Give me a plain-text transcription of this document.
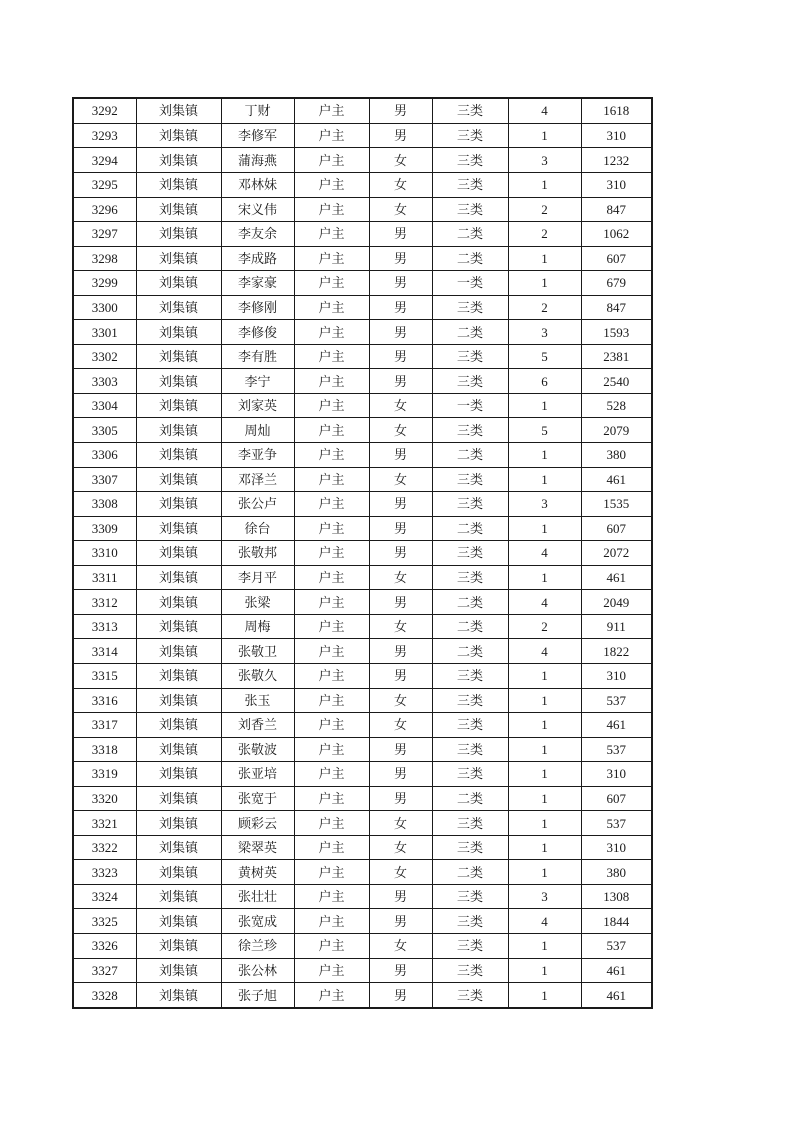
3292	刘集镇	丁财	户主	男	三类	4	1618
3293	刘集镇	李修军	户主	男	三类	1	310
3294	刘集镇	蒲海燕	户主	女	三类	3	1232
3295	刘集镇	邓林妹	户主	女	三类	1	310
3296	刘集镇	宋义伟	户主	女	三类	2	847
3297	刘集镇	李友余	户主	男	二类	2	1062
3298	刘集镇	李成路	户主	男	二类	1	607
3299	刘集镇	李家豪	户主	男	一类	1	679
3300	刘集镇	李修刚	户主	男	三类	2	847
3301	刘集镇	李修俊	户主	男	二类	3	1593
3302	刘集镇	李有胜	户主	男	三类	5	2381
3303	刘集镇	李宁	户主	男	三类	6	2540
3304	刘集镇	刘家英	户主	女	一类	1	528
3305	刘集镇	周灿	户主	女	三类	5	2079
3306	刘集镇	李亚争	户主	男	二类	1	380
3307	刘集镇	邓泽兰	户主	女	三类	1	461
3308	刘集镇	张公卢	户主	男	三类	3	1535
3309	刘集镇	徐台	户主	男	二类	1	607
3310	刘集镇	张敬邦	户主	男	三类	4	2072
3311	刘集镇	李月平	户主	女	三类	1	461
3312	刘集镇	张梁	户主	男	二类	4	2049
3313	刘集镇	周梅	户主	女	二类	2	911
3314	刘集镇	张敬卫	户主	男	二类	4	1822
3315	刘集镇	张敬久	户主	男	三类	1	310
3316	刘集镇	张玉	户主	女	三类	1	537
3317	刘集镇	刘香兰	户主	女	三类	1	461
3318	刘集镇	张敬波	户主	男	三类	1	537
3319	刘集镇	张亚培	户主	男	三类	1	310
3320	刘集镇	张宽于	户主	男	二类	1	607
3321	刘集镇	顾彩云	户主	女	三类	1	537
3322	刘集镇	梁翠英	户主	女	三类	1	310
3323	刘集镇	黄树英	户主	女	二类	1	380
3324	刘集镇	张壮壮	户主	男	三类	3	1308
3325	刘集镇	张宽成	户主	男	三类	4	1844
3326	刘集镇	徐兰珍	户主	女	三类	1	537
3327	刘集镇	张公林	户主	男	三类	1	461
3328	刘集镇	张子旭	户主	男	三类	1	461
